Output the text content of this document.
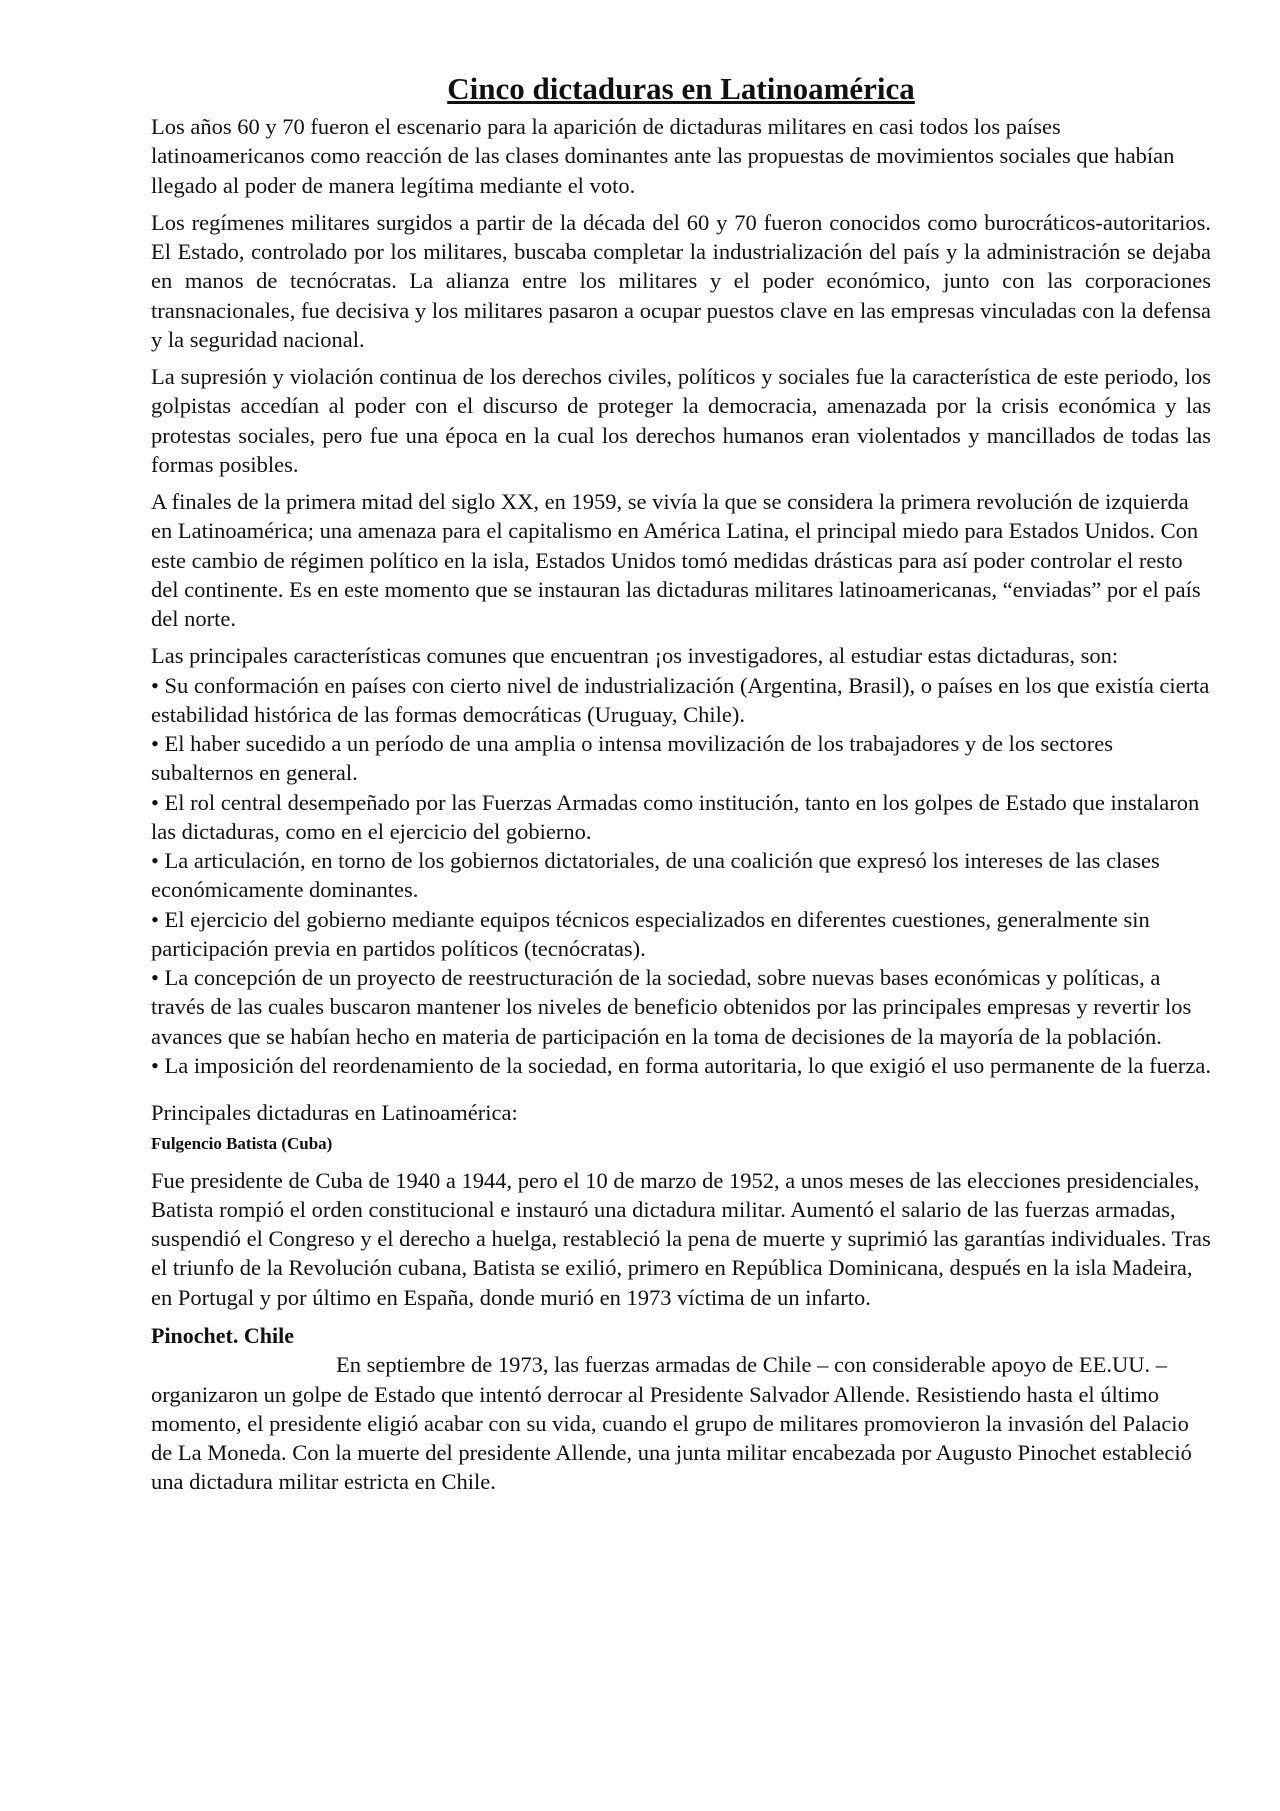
Cinco dictaduras en Latinoamérica

Los años 60 y 70 fueron el escenario para la aparición de dictaduras militares en casi todos los países latinoamericanos como reacción de las clases dominantes ante las propuestas de movimientos sociales que habían llegado al poder de manera legítima mediante el voto.

Los regímenes militares surgidos a partir de la década del 60 y 70 fueron conocidos como burocráticos-autoritarios. El Estado, controlado por los militares, buscaba completar la industrialización del país y la administración se dejaba en manos de tecnócratas. La alianza entre los militares y el poder económico, junto con las corporaciones transnacionales, fue decisiva y los militares pasaron a ocupar puestos clave en las empresas vinculadas con la defensa y la seguridad nacional.

La supresión y violación continua de los derechos civiles, políticos y sociales fue la característica de este periodo, los golpistas accedían al poder con el discurso de proteger la democracia, amenazada por la crisis económica y las protestas sociales, pero fue una época en la cual los derechos humanos eran violentados y mancillados de todas las formas posibles.

A finales de la primera mitad del siglo XX, en 1959, se vivía la que se considera la primera revolución de izquierda en Latinoamérica; una amenaza para el capitalismo en América Latina, el principal miedo para Estados Unidos. Con este cambio de régimen político en la isla, Estados Unidos tomó medidas drásticas para así poder controlar el resto del continente. Es en este momento que se instauran las dictaduras militares latinoamericanas, “enviadas” por el país del norte.

Las principales características comunes que encuentran ¡os investigadores, al estudiar estas dictaduras, son:

• Su conformación en países con cierto nivel de industrialización (Argentina, Brasil), o países en los que existía cierta estabilidad histórica de las formas democráticas (Uruguay, Chile).

• El haber sucedido a un período de una amplia o intensa movilización de los trabajadores y de los sectores subalternos en general.

• El rol central desempeñado por las Fuerzas Armadas como institución, tanto en los golpes de Estado que instalaron las dictaduras, como en el ejercicio del gobierno.

• La articulación, en torno de los gobiernos dictatoriales, de una coalición que expresó los intereses de las clases económicamente dominantes.

• El ejercicio del gobierno mediante equipos técnicos especializados en diferentes cuestiones, generalmente sin participación previa en partidos políticos (tecnócratas).

• La concepción de un proyecto de reestructuración de la sociedad, sobre nuevas bases económicas y políticas, a través de las cuales buscaron mantener los niveles de beneficio obtenidos por las principales empresas y revertir los avances que se habían hecho en materia de participación en la toma de decisiones de la mayoría de la población.

• La imposición del reordenamiento de la sociedad, en forma autoritaria, lo que exigió el uso permanente de la fuerza.

Principales dictaduras en Latinoamérica:

Fulgencio Batista (Cuba)

Fue presidente de Cuba de 1940 a 1944, pero el 10 de marzo de 1952, a unos meses de las elecciones presidenciales, Batista rompió el orden constitucional e instauró una dictadura militar. Aumentó el salario de las fuerzas armadas, suspendió el Congreso y el derecho a huelga, restableció la pena de muerte y suprimió las garantías individuales. Tras el triunfo de la Revolución cubana, Batista se exilió, primero en República Dominicana, después en la isla Madeira, en Portugal y por último en España, donde murió en 1973 víctima de un infarto.

Pinochet. Chile

En septiembre de 1973, las fuerzas armadas de Chile – con considerable apoyo de EE.UU. – organizaron un golpe de Estado que intentó derrocar al Presidente Salvador Allende. Resistiendo hasta el último momento, el presidente eligió acabar con su vida, cuando el grupo de militares promovieron la invasión del Palacio de La Moneda. Con la muerte del presidente Allende, una junta militar encabezada por Augusto Pinochet estableció una dictadura militar estricta en Chile.
